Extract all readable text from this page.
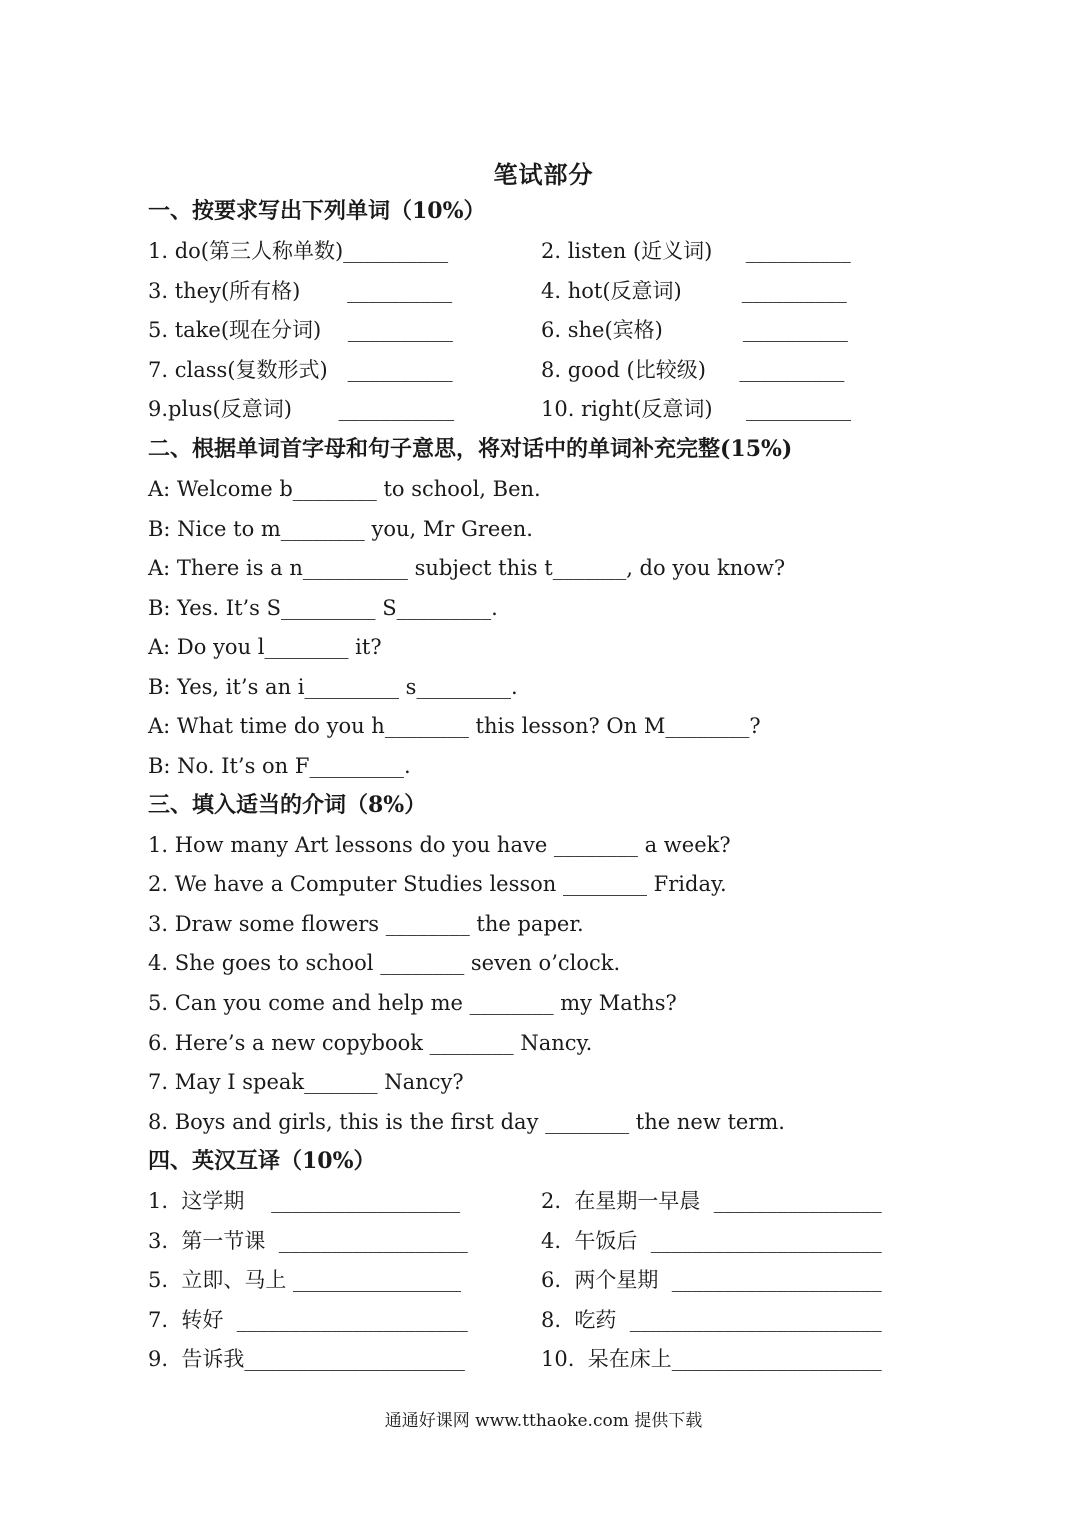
笔试部分
一、按要求写出下列单词（10%）
1. do(第三人称单数)__________	2. listen (近义词)     __________
3. they(所有格)       __________	4. hot(反意词)         __________
5. take(现在分词)    __________	6. she(宾格)            __________
7. class(复数形式)   __________	8. good (比较级)     __________
9.plus(反意词)       ___________	10. right(反意词)     __________
二、根据单词首字母和句子意思，将对话中的单词补充完整(15%)
A: Welcome b________ to school, Ben.
B: Nice to m________ you, Mr Green.
A: There is a n__________ subject this t_______, do you know?
B: Yes. It’s S_________ S_________.
A: Do you l________ it?
B: Yes, it’s an i_________ s_________.
A: What time do you h________ this lesson? On M________?
B: No. It’s on F_________.
三、填入适当的介词（8%）
1. How many Art lessons do you have ________ a week?
2. We have a Computer Studies lesson ________ Friday.
3. Draw some flowers ________ the paper.
4. She goes to school ________ seven o’clock.
5. Can you come and help me ________ my Maths?
6. Here’s a new copybook ________ Nancy.
7. May I speak_______ Nancy?
8. Boys and girls, this is the first day ________ the new term.
四、英汉互译（10%）
1.  这学期    __________________	2.  在星期一早晨  ________________
3.  第一节课  __________________	4.  午饭后  ______________________
5.  立即、马上 ________________	6.  两个星期  ____________________
7.  转好  ______________________	8.  吃药  ________________________
9.  告诉我_____________________	10.  呆在床上____________________
通通好课网 www.tthaoke.com 提供下载
